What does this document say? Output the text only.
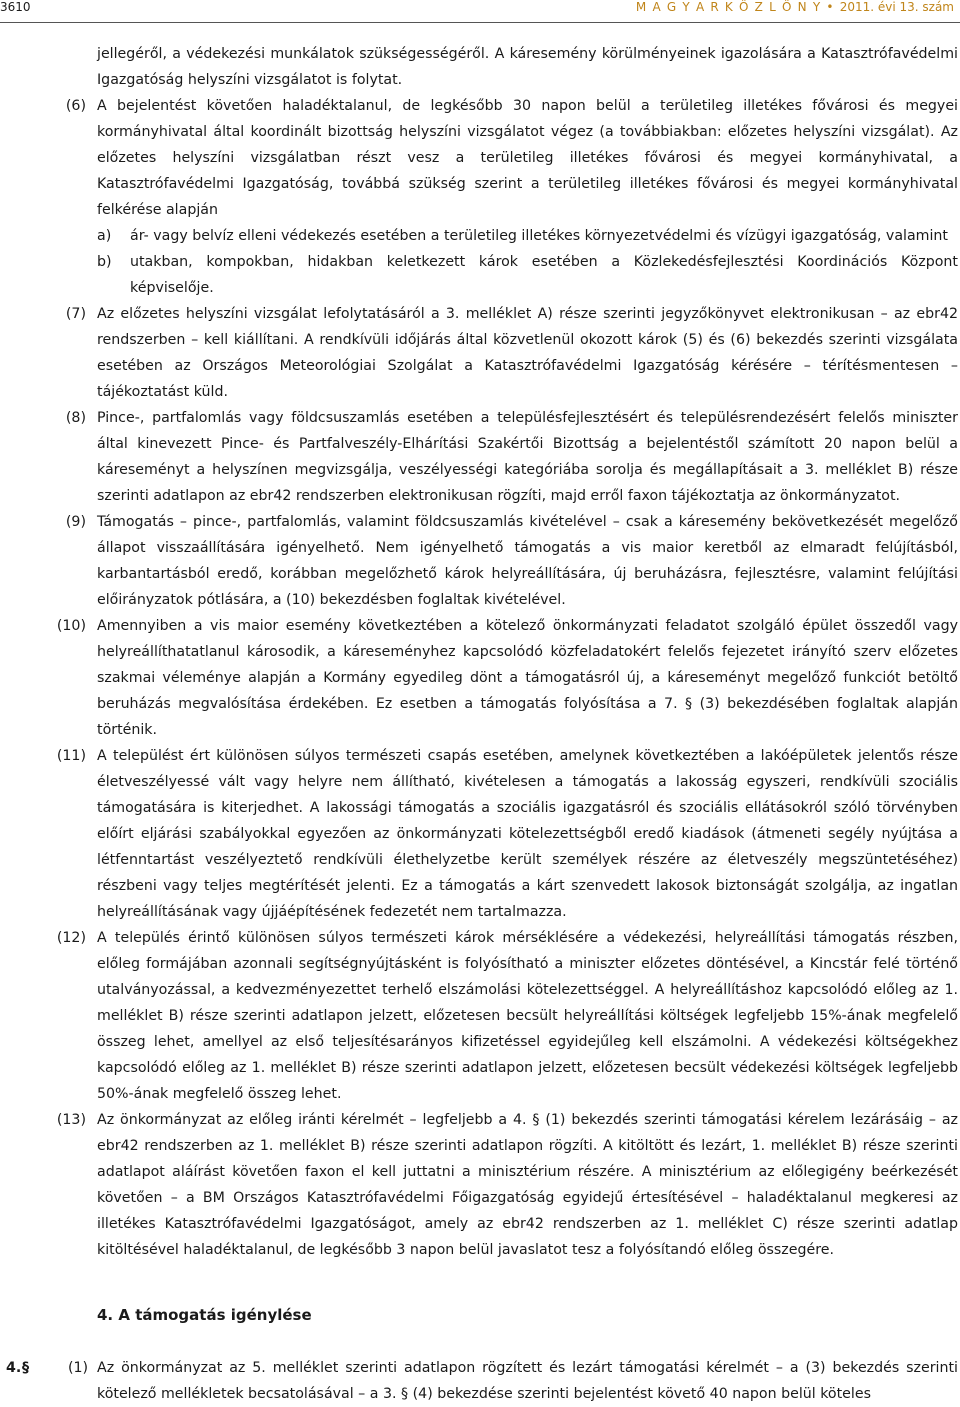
3610	M A G Y A R K Ö Z L Ö N Y • 2011. évi 13. szám
jellegéről, a védekezési munkálatok szükségességéről. A káresemény körülményeinek igazolására a Katasztrófavédelmi Igazgatóság helyszíni vizsgálatot is folytat.
(6) A bejelentést követően haladéktalanul, de legkésőbb 30 napon belül a területileg illetékes fővárosi és megyei kormányhivatal által koordinált bizottság helyszíni vizsgálatot végez (a továbbiakban: előzetes helyszíni vizsgálat). Az előzetes helyszíni vizsgálatban részt vesz a területileg illetékes fővárosi és megyei kormányhivatal, a Katasztrófavédelmi Igazgatóság, továbbá szükség szerint a területileg illetékes fővárosi és megyei kormányhivatal felkérése alapján
a) ár- vagy belvíz elleni védekezés esetében a területileg illetékes környezetvédelmi és vízügyi igazgatóság, valamint
b) utakban, kompokban, hidakban keletkezett károk esetében a Közlekedésfejlesztési Koordinációs Központ képviselője.
(7) Az előzetes helyszíni vizsgálat lefolytatásáról a 3. melléklet A) része szerinti jegyzőkönyvet elektronikusan – az ebr42 rendszerben – kell kiállítani. A rendkívüli időjárás által közvetlenül okozott károk (5) és (6) bekezdés szerinti vizsgálata esetében az Országos Meteorológiai Szolgálat a Katasztrófavédelmi Igazgatóság kérésére – térítésmentesen – tájékoztatást küld.
(8) Pince-, partfalomlás vagy földcsuszamlás esetében a településfejlesztésért és településrendezésért felelős miniszter által kinevezett Pince- és Partfalveszély-Elhárítási Szakértői Bizottság a bejelentéstől számított 20 napon belül a káreseményt a helyszínen megvizsgálja, veszélyességi kategóriába sorolja és megállapításait a 3. melléklet B) része szerinti adatlapon az ebr42 rendszerben elektronikusan rögzíti, majd erről faxon tájékoztatja az önkormányzatot.
(9) Támogatás – pince-, partfalomlás, valamint földcsuszamlás kivételével – csak a káresemény bekövetkezését megelőző állapot visszaállítására igényelhető. Nem igényelhető támogatás a vis maior keretből az elmaradt felújításból, karbantartásból eredő, korábban megelőzhető károk helyreállítására, új beruházásra, fejlesztésre, valamint felújítási előirányzatok pótlására, a (10) bekezdésben foglaltak kivételével.
(10) Amennyiben a vis maior esemény következtében a kötelező önkormányzati feladatot szolgáló épület összedől vagy helyreállíthatatlanul károsodik, a káreseményhez kapcsolódó közfeladatokért felelős fejezetet irányító szerv előzetes szakmai véleménye alapján a Kormány egyedileg dönt a támogatásról új, a káreseményt megelőző funkciót betöltő beruházás megvalósítása érdekében. Ez esetben a támogatás folyósítása a 7. § (3) bekezdésében foglaltak alapján történik.
(11) A települést ért különösen súlyos természeti csapás esetében, amelynek következtében a lakóépületek jelentős része életveszélyessé vált vagy helyre nem állítható, kivételesen a támogatás a lakosság egyszeri, rendkívüli szociális támogatására is kiterjedhet. A lakossági támogatás a szociális igazgatásról és szociális ellátásokról szóló törvényben előírt eljárási szabályokkal egyezően az önkormányzati kötelezettségből eredő kiadások (átmeneti segély nyújtása a létfenntartást veszélyeztető rendkívüli élethelyzetbe került személyek részére az életveszély megszüntetéséhez) részbeni vagy teljes megtérítését jelenti. Ez a támogatás a kárt szenvedett lakosok biztonságát szolgálja, az ingatlan helyreállításának vagy újjáépítésének fedezetét nem tartalmazza.
(12) A település érintő különösen súlyos természeti károk mérséklésére a védekezési, helyreállítási támogatás részben, előleg formájában azonnali segítségnyújtásként is folyósítható a miniszter előzetes döntésével, a Kincstár felé történő utalványozással, a kedvezményezettet terhelő elszámolási kötelezettséggel. A helyreállításhoz kapcsolódó előleg az 1. melléklet B) része szerinti adatlapon jelzett, előzetesen becsült helyreállítási költségek legfeljebb 15%-ának megfelelő összeg lehet, amellyel az első teljesítésarányos kifizetéssel egyidejűleg kell elszámolni. A védekezési költségekhez kapcsolódó előleg az 1. melléklet B) része szerinti adatlapon jelzett, előzetesen becsült védekezési költségek legfeljebb 50%-ának megfelelő összeg lehet.
(13) Az önkormányzat az előleg iránti kérelmét – legfeljebb a 4. § (1) bekezdés szerinti támogatási kérelem lezárásáig – az ebr42 rendszerben az 1. melléklet B) része szerinti adatlapon rögzíti. A kitöltött és lezárt, 1. melléklet B) része szerinti adatlapot aláírást követően faxon el kell juttatni a minisztérium részére. A minisztérium az előlegigény beérkezését követően – a BM Országos Katasztrófavédelmi Főigazgatóság egyidejű értesítésével – haladéktalanul megkeresi az illetékes Katasztrófavédelmi Igazgatóságot, amely az ebr42 rendszerben az 1. melléklet C) része szerinti adatlap kitöltésével haladéktalanul, de legkésőbb 3 napon belül javaslatot tesz a folyósítandó előleg összegére.
4. A támogatás igénylése
4. §	(1) Az önkormányzat az 5. melléklet szerinti adatlapon rögzített és lezárt támogatási kérelmét – a (3) bekezdés szerinti kötelező mellékletek becsatolásával – a 3. § (4) bekezdése szerinti bejelentést követő 40 napon belül köteles
